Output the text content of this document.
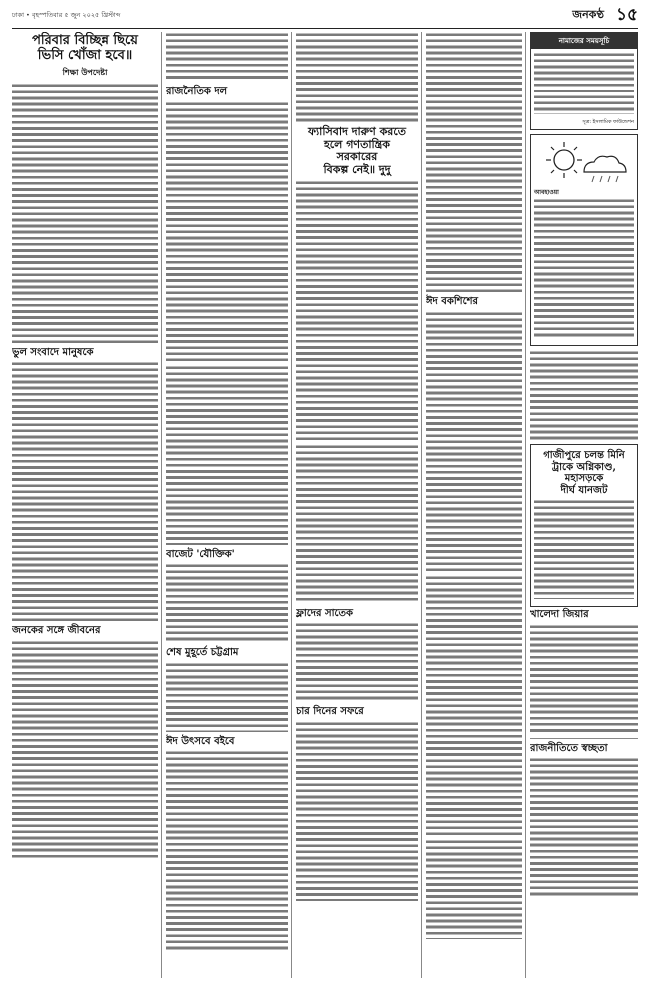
ঢাকা • বৃহস্পতিবার ৫ জুন ২০২৫ খ্রিস্টাব্দ	জনকণ্ঠ ১৫
পরিবার বিচ্ছিন্ন ছিয়ে
ভিসি খোঁজা হবে॥
শিক্ষা উপদেষ্টা
ভুল সংবাদে মানুষকে
জনকের সঙ্গে জীবনের
রাজনৈতিক দল
বাজেট 'যৌক্তিক'
শেষ মুহূর্তে চট্টগ্রাম
ঈদ উৎসবে বইবে
ফ্যাসিবাদ দারুণ করতে
হলে গণতান্ত্রিক
সরকারের
বিকল্প নেই॥ দুদু
ফ্লাদের সাতেক
চার দিনের সফরে
ঈদ বকশিশের
নামাজের সময়সূচি
সূত্র: ইসলামিক ফাউন্ডেশন
আবহাওয়া
গাজীপুরে চলন্ত মিনি
ট্রাকে অগ্নিকাণ্ড,
মহাসড়কে
দীর্ঘ যানজট
খালেদা জিয়ার
রাজনীতিতে স্বচ্ছতা
